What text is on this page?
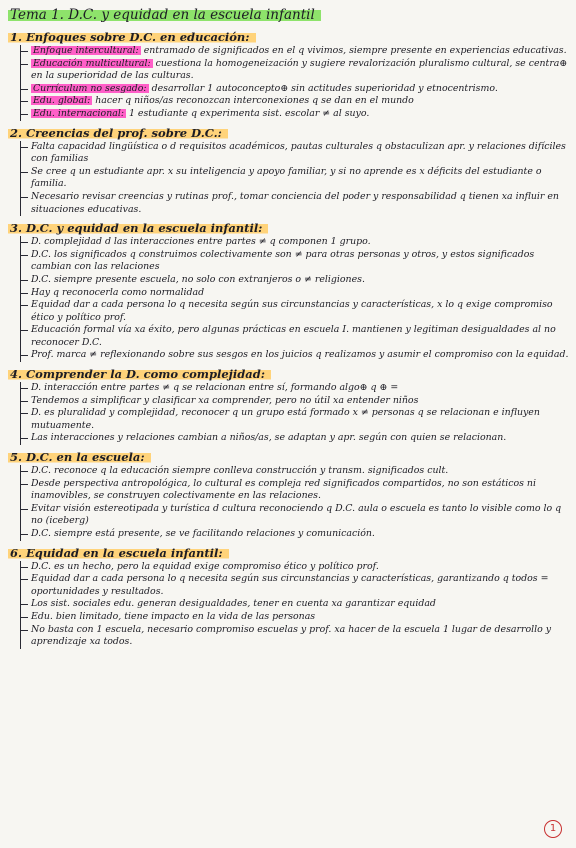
Tema 1. D.C. y equidad en la escuela infantil
1. Enfoques sobre D.C. en educación:
Enfoque intercultural: entramado de significados en el q vivimos, siempre presente en experiencias educativas.
Educación multicultural: cuestiona la homogeneización y sugiere revalorización pluralismo cultural, se centra⊕ en la superioridad de las culturas.
Currículum no sesgado: desarrollar 1 autoconcepto⊕ sin actitudes superioridad y etnocentrismo.
Edu. global: hacer q niños/as reconozcan interconexiones q se dan en el mundo
Edu. internacional: 1 estudiante q experimenta sist. escolar ≠ al suyo.
2. Creencias del prof. sobre D.C.:
Falta capacidad lingüística o d requisitos académicos, pautas culturales q obstaculizan apr. y relaciones difíciles con familias
Se cree q un estudiante apr. x su inteligencia y apoyo familiar, y si no aprende es x déficits del estudiante o familia.
Necesario revisar creencias y rutinas prof., tomar conciencia del poder y responsabilidad q tienen xa influir en situaciones educativas.
3. D.C. y equidad en la escuela infantil:
D. complejidad d las interacciones entre partes ≠ q componen 1 grupo.
D.C. los significados q construimos colectivamente son ≠ para otras personas y otros, y estos significados cambian con las relaciones
D.C. siempre presente escuela, no solo con extranjeros o ≠ religiones.
Hay q reconocerla como normalidad
Equidad dar a cada persona lo q necesita según sus circunstancias y características, x lo q exige compromiso ético y político prof.
Educación formal vía xa éxito, pero algunas prácticas en escuela I. mantienen y legitiman desigualdades al no reconocer D.C.
Prof. marca ≠ reflexionando sobre sus sesgos en los juicios q realizamos y asumir el compromiso con la equidad.
4. Comprender la D. como complejidad:
D. interacción entre partes ≠ q se relacionan entre sí, formando algo⊕ q ⊕ =
Tendemos a simplificar y clasificar xa comprender, pero no útil xa entender niños
D. es pluralidad y complejidad, reconocer q un grupo está formado x ≠ personas q se relacionan e influyen mutuamente.
Las interacciones y relaciones cambian a niños/as, se adaptan y apr. según con quien se relacionan.
5. D.C. en la escuela:
D.C. reconoce q la educación siempre conlleva construcción y transm. significados cult.
Desde perspectiva antropológica, lo cultural es compleja red significados compartidos, no son estáticos ni inamovibles, se construyen colectivamente en las relaciones.
Evitar visión estereotipada y turística d cultura reconociendo q D.C. aula o escuela es tanto lo visible como lo q no (iceberg)
D.C. siempre está presente, se ve facilitando relaciones y comunicación.
6. Equidad en la escuela infantil:
D.C. es un hecho, pero la equidad exige compromiso ético y político prof.
Equidad dar a cada persona lo q necesita según sus circunstancias y características, garantizando q todos = oportunidades y resultados.
Los sist. sociales edu. generan desigualdades, tener en cuenta xa garantizar equidad
Edu. bien limitado, tiene impacto en la vida de las personas
No basta con 1 escuela, necesario compromiso escuelas y prof. xa hacer de la escuela 1 lugar de desarrollo y aprendizaje xa todos.
1
